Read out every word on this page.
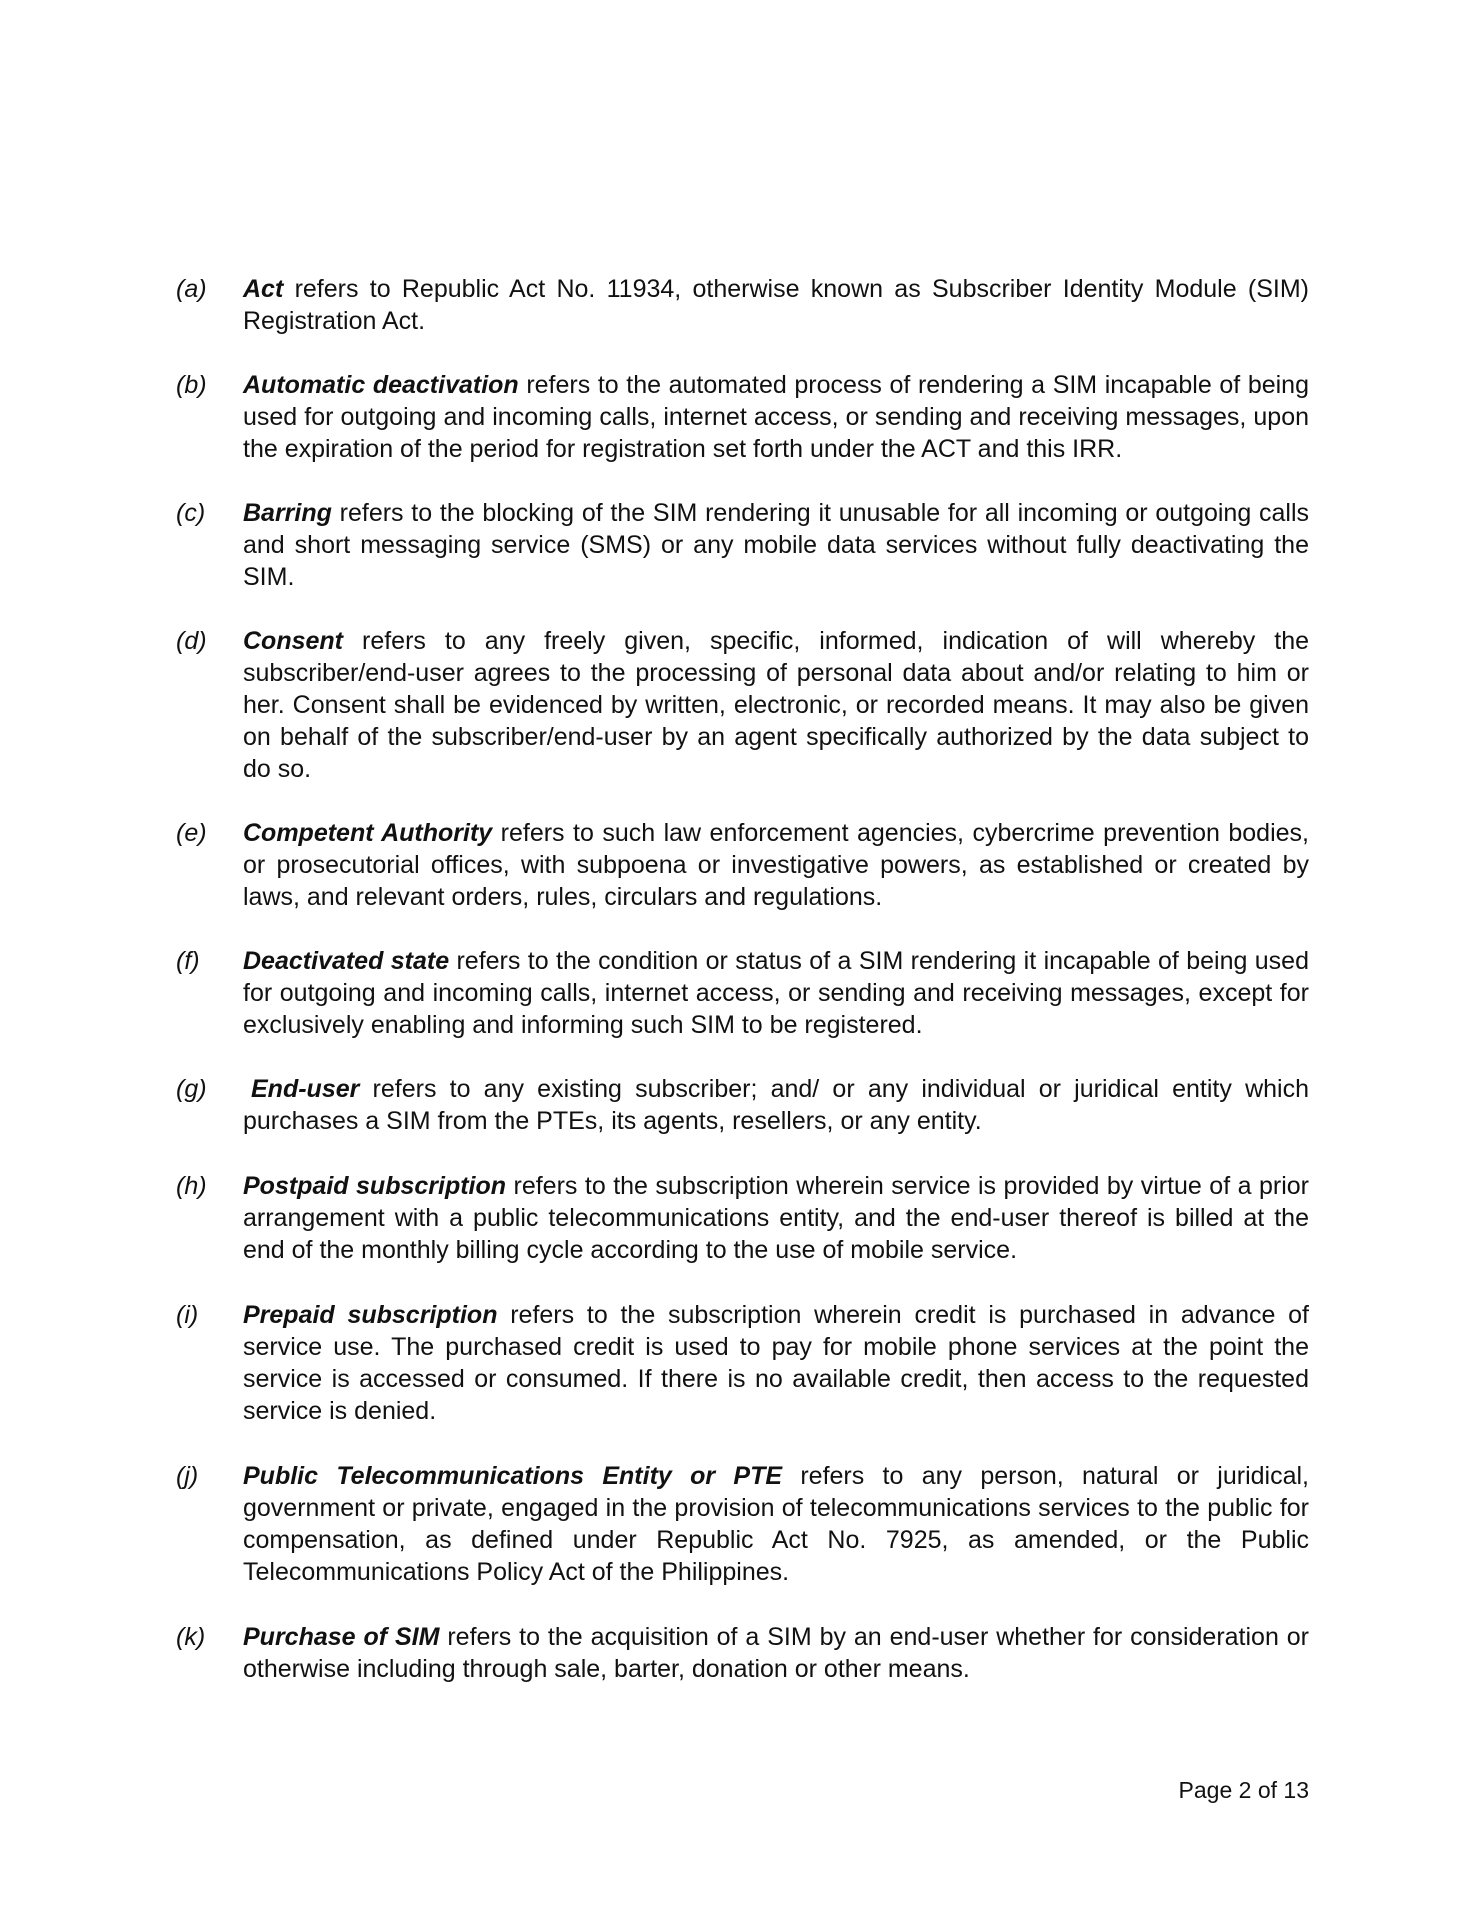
(a)	Act refers to Republic Act No. 11934, otherwise known as Subscriber Identity Module (SIM) Registration Act.

(b)	Automatic deactivation refers to the automated process of rendering a SIM incapable of being used for outgoing and incoming calls, internet access, or sending and receiving messages, upon the expiration of the period for registration set forth under the ACT and this IRR.

(c)	Barring refers to the blocking of the SIM rendering it unusable for all incoming or outgoing calls and short messaging service (SMS) or any mobile data services without fully deactivating the SIM.

(d)	Consent refers to any freely given, specific, informed, indication of will whereby the subscriber/end-user agrees to the processing of personal data about and/or relating to him or her. Consent shall be evidenced by written, electronic, or recorded means. It may also be given on behalf of the subscriber/end-user by an agent specifically authorized by the data subject to do so.

(e)	Competent Authority refers to such law enforcement agencies, cybercrime prevention bodies, or prosecutorial offices, with subpoena or investigative powers, as established or created by laws, and relevant orders, rules, circulars and regulations.

(f)	Deactivated state refers to the condition or status of a SIM rendering it incapable of being used for outgoing and incoming calls, internet access, or sending and receiving messages, except for exclusively enabling and informing such SIM to be registered.

(g)	End-user refers to any existing subscriber; and/ or any individual or juridical entity which purchases a SIM from the PTEs, its agents, resellers, or any entity.

(h)	Postpaid subscription refers to the subscription wherein service is provided by virtue of a prior arrangement with a public telecommunications entity, and the end-user thereof is billed at the end of the monthly billing cycle according to the use of mobile service.

(i)	Prepaid subscription refers to the subscription wherein credit is purchased in advance of service use. The purchased credit is used to pay for mobile phone services at the point the service is accessed or consumed. If there is no available credit, then access to the requested service is denied.

(j)	Public Telecommunications Entity or PTE refers to any person, natural or juridical, government or private, engaged in the provision of telecommunications services to the public for compensation, as defined under Republic Act No. 7925, as amended, or the Public Telecommunications Policy Act of the Philippines.

(k)	Purchase of SIM refers to the acquisition of a SIM by an end-user whether for consideration or otherwise including through sale, barter, donation or other means.

Page 2 of 13
